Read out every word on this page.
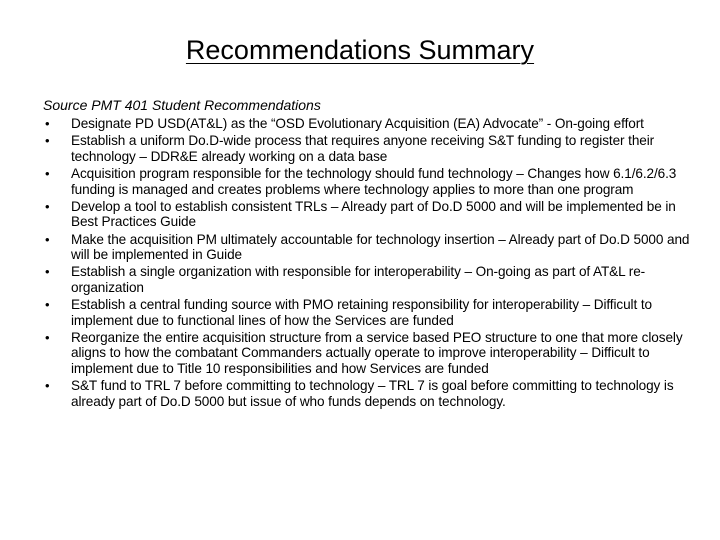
Recommendations Summary
Source PMT 401 Student Recommendations
• Designate PD USD(AT&L) as the “OSD Evolutionary Acquisition (EA) Advocate” - On-going effort
• Establish a uniform Do.D-wide process that requires anyone receiving S&T funding to register their technology – DDR&E already working on a data base
• Acquisition program responsible for the technology should fund technology – Changes how 6.1/6.2/6.3 funding is managed and creates problems where technology applies to more than one program
• Develop a tool to establish consistent TRLs – Already part of Do.D 5000 and will be implemented be in Best Practices Guide
• Make the acquisition PM ultimately accountable for technology insertion – Already part of Do.D 5000 and will be implemented in Guide
• Establish a single organization with responsible for interoperability – On-going as part of AT&L re-organization
• Establish a central funding source with PMO retaining responsibility for interoperability – Difficult to implement due to functional lines of how the Services are funded
• Reorganize the entire acquisition structure from a service based PEO structure to one that more closely aligns to how the combatant Commanders actually operate to improve interoperability – Difficult to implement due to Title 10 responsibilities and how Services are funded
• S&T fund to TRL 7 before committing to technology – TRL 7 is goal before committing to technology is already part of Do.D 5000 but issue of who funds depends on technology.
